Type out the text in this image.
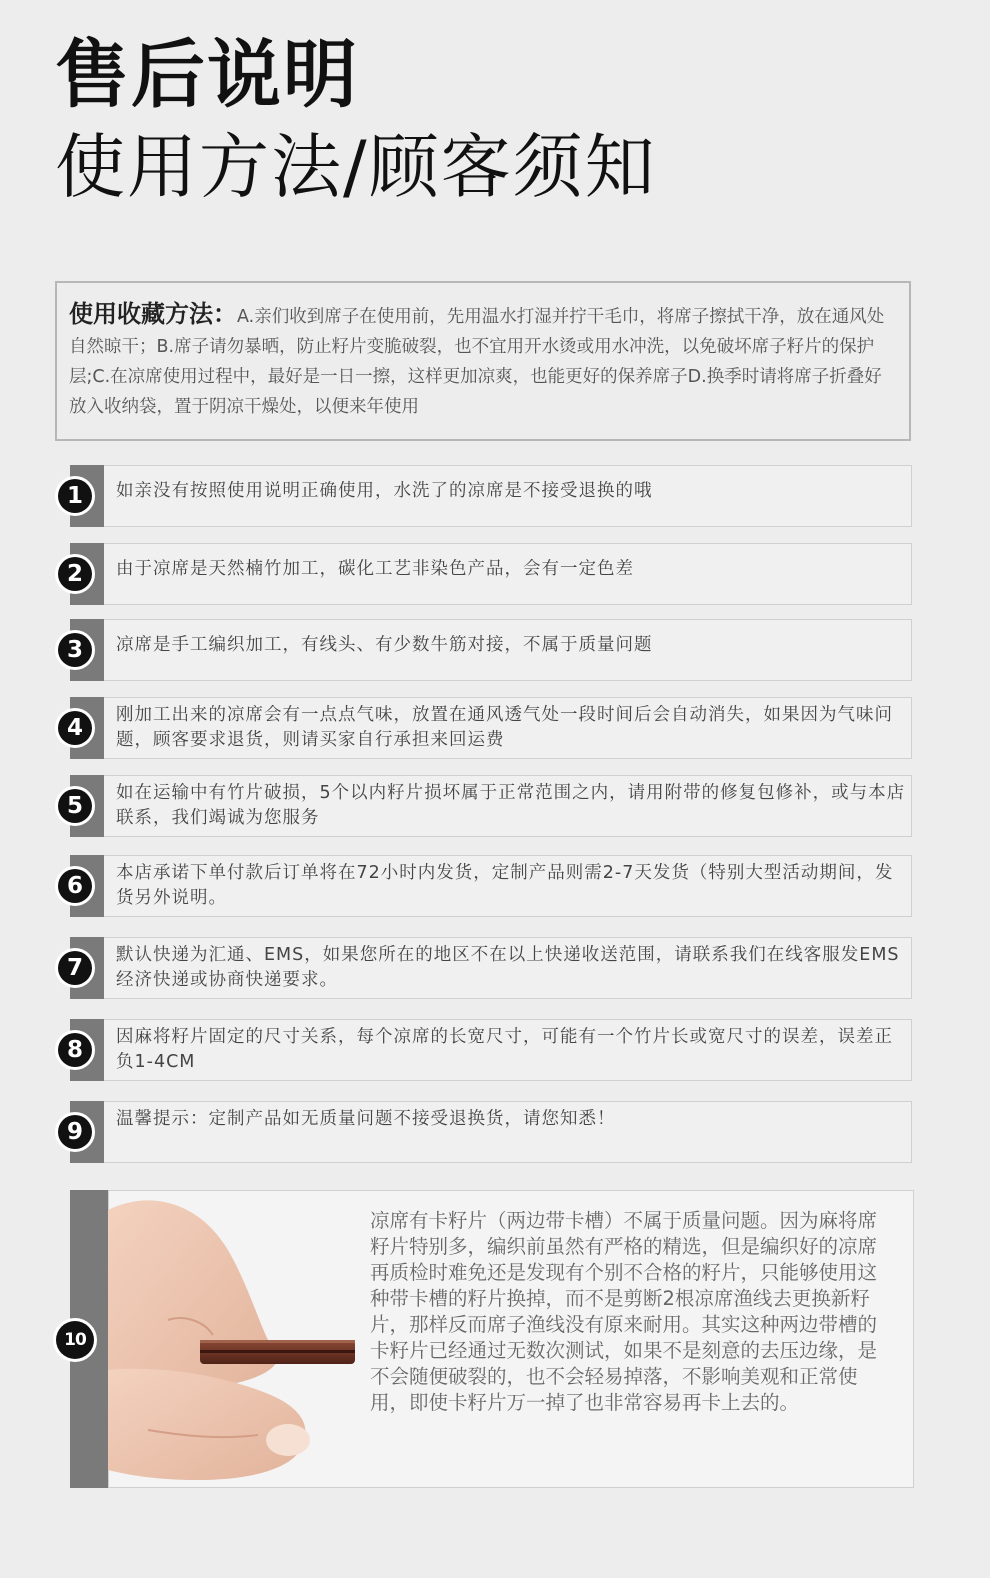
售后说明
使用方法/顾客须知
使用收藏方法：A.亲们收到席子在使用前，先用温水打湿并拧干毛巾，将席子擦拭干净，放在通风处自然晾干；B.席子请勿暴晒，防止籽片变脆破裂，也不宜用开水烫或用水冲洗，以免破坏席子籽片的保护层;C.在凉席使用过程中，最好是一日一擦，这样更加凉爽，也能更好的保养席子D.换季时请将席子折叠好放入收纳袋，置于阴凉干燥处，以便来年使用
如亲没有按照使用说明正确使用，水洗了的凉席是不接受退换的哦
1
由于凉席是天然楠竹加工，碳化工艺非染色产品，会有一定色差
2
凉席是手工编织加工，有线头、有少数牛筋对接，不属于质量问题
3
刚加工出来的凉席会有一点点气味，放置在通风透气处一段时间后会自动消失，如果因为气味问题，顾客要求退货，则请买家自行承担来回运费
4
如在运输中有竹片破损，5个以内籽片损坏属于正常范围之内，请用附带的修复包修补，或与本店联系，我们竭诚为您服务
5
本店承诺下单付款后订单将在72小时内发货，定制产品则需2-7天发货（特别大型活动期间，发货另外说明。
6
默认快递为汇通、EMS，如果您所在的地区不在以上快递收送范围，请联系我们在线客服发EMS经济快递或协商快递要求。
7
因麻将籽片固定的尺寸关系，每个凉席的长宽尺寸，可能有一个竹片长或宽尺寸的误差，误差正负1-4CM
8
温馨提示：定制产品如无质量问题不接受退换货，请您知悉！
9
凉席有卡籽片（两边带卡槽）不属于质量问题。因为麻将席籽片特别多，编织前虽然有严格的精选，但是编织好的凉席再质检时难免还是发现有个别不合格的籽片，只能够使用这种带卡槽的籽片换掉，而不是剪断2根凉席渔线去更换新籽片，那样反而席子渔线没有原来耐用。其实这种两边带槽的卡籽片已经通过无数次测试，如果不是刻意的去压边缘，是不会随便破裂的，也不会轻易掉落，不影响美观和正常使用，即使卡籽片万一掉了也非常容易再卡上去的。
10
